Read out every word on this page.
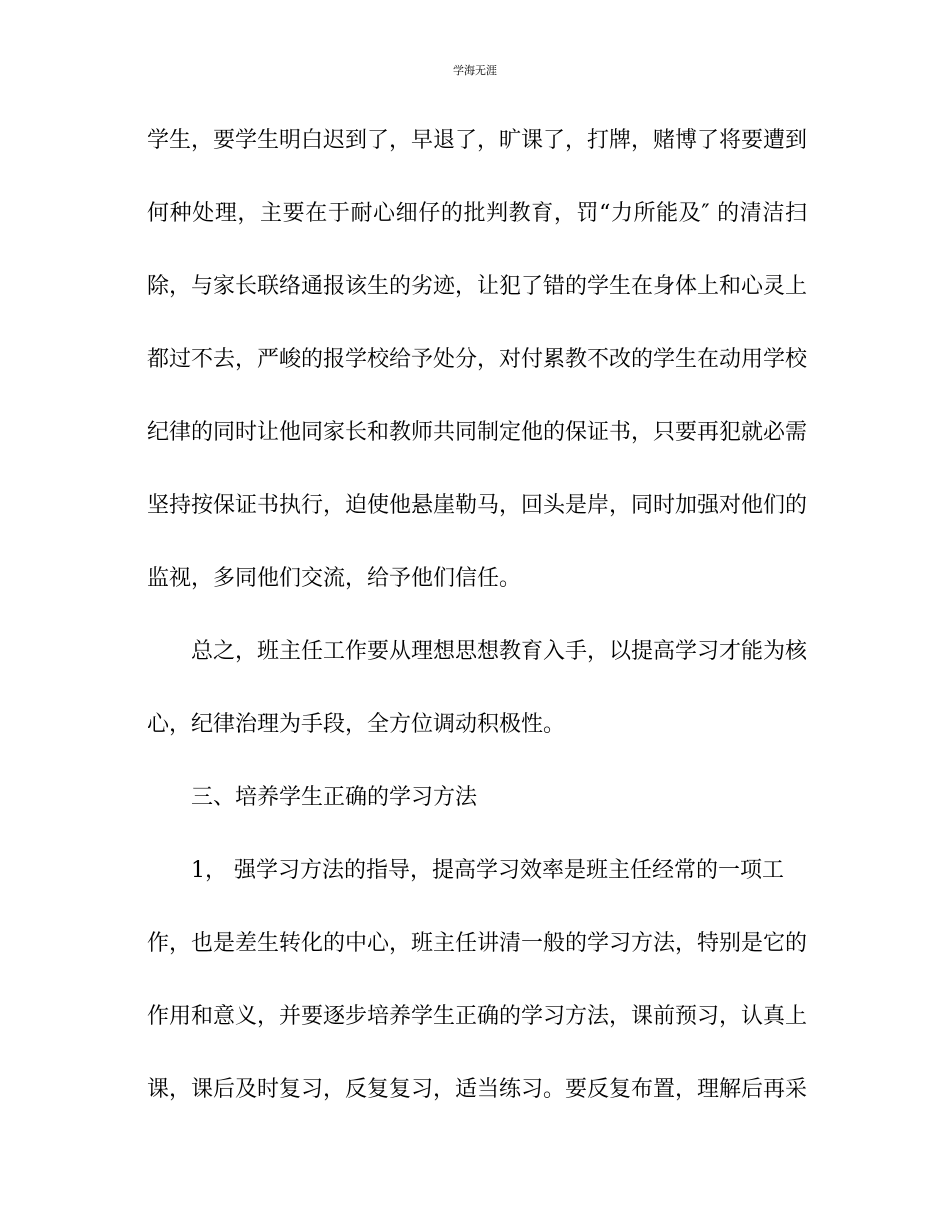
学海无涯
学生，要学生明白迟到了，早退了，旷课了，打牌，赌博了将要遭到
何种处理，主要在于耐心细仔的批判教育，罚“力所能及″ 的清洁扫
除，与家长联络通报该生的劣迹，让犯了错的学生在身体上和心灵上
都过不去，严峻的报学校给予处分，对付累教不改的学生在动用学校
纪律的同时让他同家长和教师共同制定他的保证书，只要再犯就必需
坚持按保证书执行，迫使他悬崖勒马，回头是岸，同时加强对他们的
监视，多同他们交流，给予他们信任。
总之，班主任工作要从理想思想教育入手，以提高学习才能为核
心，纪律治理为手段，全方位调动积极性。
三、培养学生正确的学习方法
1， 强学习方法的指导，提高学习效率是班主任经常的一项工
作，也是差生转化的中心，班主任讲清一般的学习方法，特别是它的
作用和意义，并要逐步培养学生正确的学习方法，课前预习，认真上
课，课后及时复习，反复复习，适当练习。要反复布置，理解后再采
